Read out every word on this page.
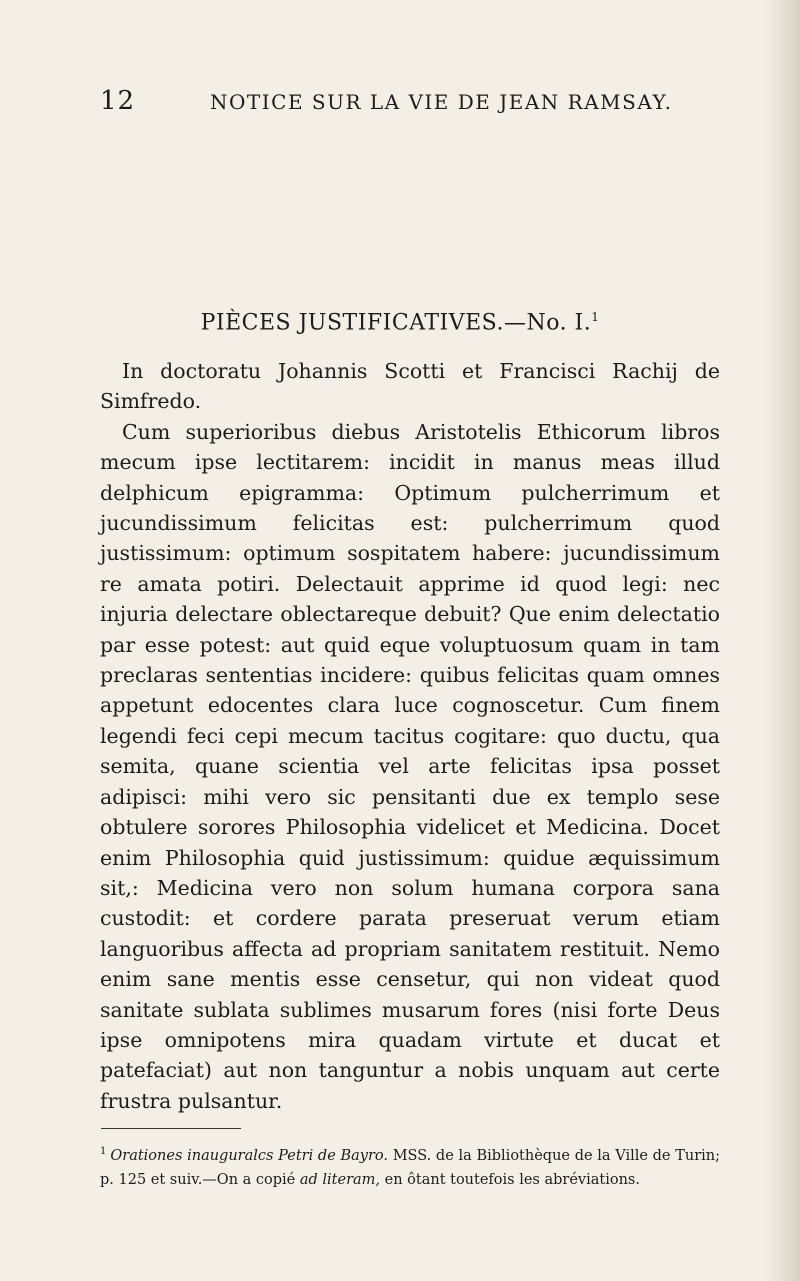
12	NOTICE SUR LA VIE DE JEAN RAMSAY.
PIÈCES JUSTIFICATIVES.—No. I.$^1$

In doctoratu Johannis Scotti et Francisci Rachij de Simfredo.

Cum superioribus diebus Aristotelis Ethicorum libros mecum ipse lectitarem: incidit in manus meas illud delphicum epigramma: Optimum pulcherrimum et jucundissimum felicitas est: pulcherrimum quod justissimum: optimum sospitatem habere: jucundissimum re amata potiri. Delectauit apprime id quod legi: nec injuria delectare oblectareque debuit? Que enim delectatio par esse potest: aut quid eque voluptuosum quam in tam preclaras sententias incidere: quibus felicitas quam omnes appetunt edocentes clara luce cognoscetur. Cum finem legendi feci cepi mecum tacitus cogitare: quo ductu, qua semita, quane scientia vel arte felicitas ipsa posset adipisci: mihi vero sic pensitanti due ex templo sese obtulere sorores Philosophia videlicet et Medicina. Docet enim Philosophia quid justissimum: quidue æquissimum sit,: Medicina vero non solum humana corpora sana custodit: et cordere parata preseruat verum etiam languoribus affecta ad propriam sanitatem restituit. Nemo enim sane mentis esse censetur, qui non videat quod sanitate sublata sublimes musarum fores (nisi forte Deus ipse omnipotens mira quadam virtute et ducat et patefaciat) aut non tanguntur a nobis unquam aut certe frustra pulsantur.

$^1$ Orationes inauguralcs Petri de Bayro. MSS. de la Bibliothèque de la Ville de Turin; p. 125 et suiv.—On a copié ad literam, en ôtant toutefois les abréviations.
